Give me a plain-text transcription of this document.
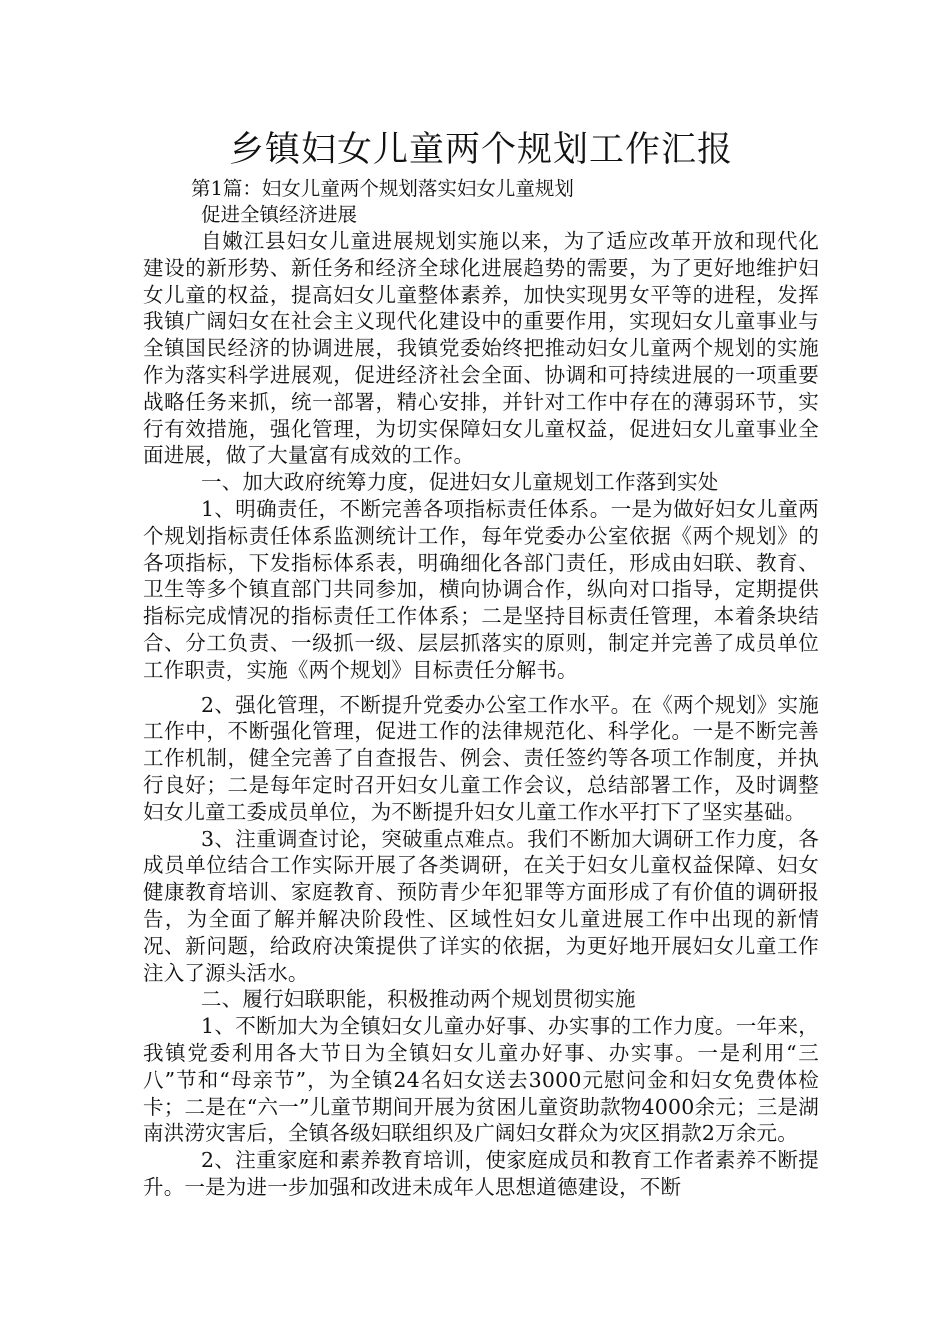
乡镇妇女儿童两个规划工作汇报

第1篇：妇女儿童两个规划落实妇女儿童规划

促进全镇经济进展

自嫩江县妇女儿童进展规划实施以来，为了适应改革开放和现代化建设的新形势、新任务和经济全球化进展趋势的需要，为了更好地维护妇女儿童的权益，提高妇女儿童整体素养，加快实现男女平等的进程，发挥我镇广阔妇女在社会主义现代化建设中的重要作用，实现妇女儿童事业与全镇国民经济的协调进展，我镇党委始终把推动妇女儿童两个规划的实施作为落实科学进展观，促进经济社会全面、协调和可持续进展的一项重要战略任务来抓，统一部署，精心安排，并针对工作中存在的薄弱环节，实行有效措施，强化管理，为切实保障妇女儿童权益，促进妇女儿童事业全面进展，做了大量富有成效的工作。

一、加大政府统筹力度，促进妇女儿童规划工作落到实处

1、明确责任，不断完善各项指标责任体系。一是为做好妇女儿童两个规划指标责任体系监测统计工作，每年党委办公室依据《两个规划》的各项指标，下发指标体系表，明确细化各部门责任，形成由妇联、教育、卫生等多个镇直部门共同参加，横向协调合作，纵向对口指导，定期提供指标完成情况的指标责任工作体系；二是坚持目标责任管理，本着条块结合、分工负责、一级抓一级、层层抓落实的原则，制定并完善了成员单位工作职责，实施《两个规划》目标责任分解书。

2、强化管理，不断提升党委办公室工作水平。在《两个规划》实施工作中，不断强化管理，促进工作的法律规范化、科学化。一是不断完善工作机制，健全完善了自查报告、例会、责任签约等各项工作制度，并执行良好；二是每年定时召开妇女儿童工作会议，总结部署工作，及时调整妇女儿童工委成员单位，为不断提升妇女儿童工作水平打下了坚实基础。

3、注重调查讨论，突破重点难点。我们不断加大调研工作力度，各成员单位结合工作实际开展了各类调研，在关于妇女儿童权益保障、妇女健康教育培训、家庭教育、预防青少年犯罪等方面形成了有价值的调研报告，为全面了解并解决阶段性、区域性妇女儿童进展工作中出现的新情况、新问题，给政府决策提供了详实的依据，为更好地开展妇女儿童工作注入了源头活水。

二、履行妇联职能，积极推动两个规划贯彻实施

1、不断加大为全镇妇女儿童办好事、办实事的工作力度。一年来，我镇党委利用各大节日为全镇妇女儿童办好事、办实事。一是利用“三八”节和“母亲节”，为全镇24名妇女送去3000元慰问金和妇女免费体检卡；二是在“六一”儿童节期间开展为贫困儿童资助款物4000余元；三是湖南洪涝灾害后，全镇各级妇联组织及广阔妇女群众为灾区捐款2万余元。

2、注重家庭和素养教育培训，使家庭成员和教育工作者素养不断提升。一是为进一步加强和改进未成年人思想道德建设，不断
